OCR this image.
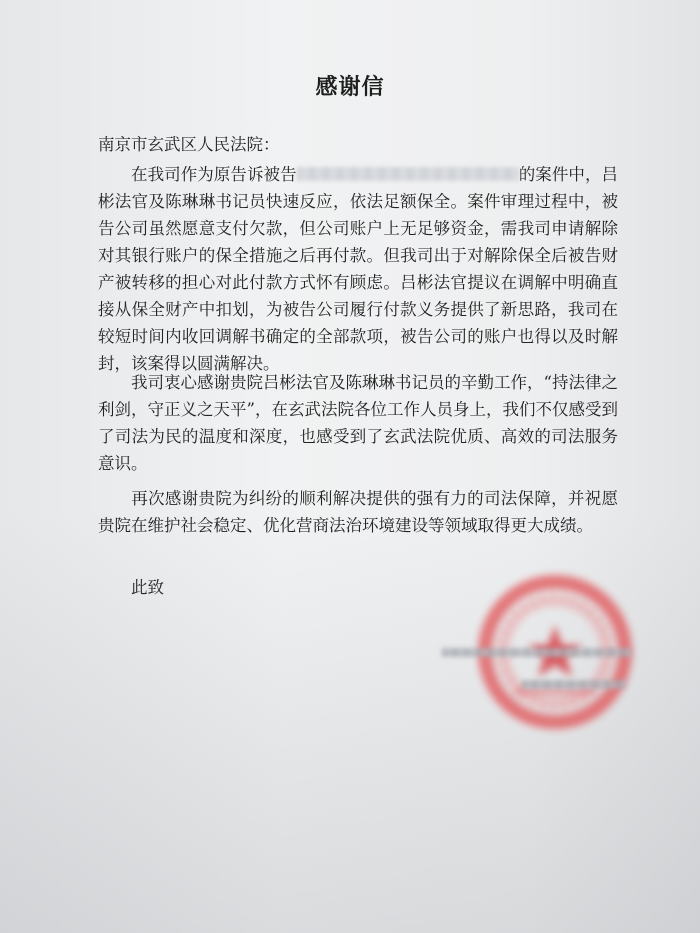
感谢信
南京市玄武区人民法院：
在我司作为原告诉被告	的案件中，吕彬法官及陈琳琳书记员快速反应，依法足额保全。案件审理过程中，被告公司虽然愿意支付欠款，但公司账户上无足够资金，需我司申请解除对其银行账户的保全措施之后再付款。但我司出于对解除保全后被告财产被转移的担心对此付款方式怀有顾虑。吕彬法官提议在调解中明确直接从保全财产中扣划，为被告公司履行付款义务提供了新思路，我司在较短时间内收回调解书确定的全部款项，被告公司的账户也得以及时解封，该案得以圆满解决。
我司衷心感谢贵院吕彬法官及陈琳琳书记员的辛勤工作，“持法律之利剑，守正义之天平”，在玄武法院各位工作人员身上，我们不仅感受到了司法为民的温度和深度，也感受到了玄武法院优质、高效的司法服务意识。
再次感谢贵院为纠纷的顺利解决提供的强有力的司法保障，并祝愿贵院在维护社会稳定、优化营商法治环境建设等领域取得更大成绩。
此致
